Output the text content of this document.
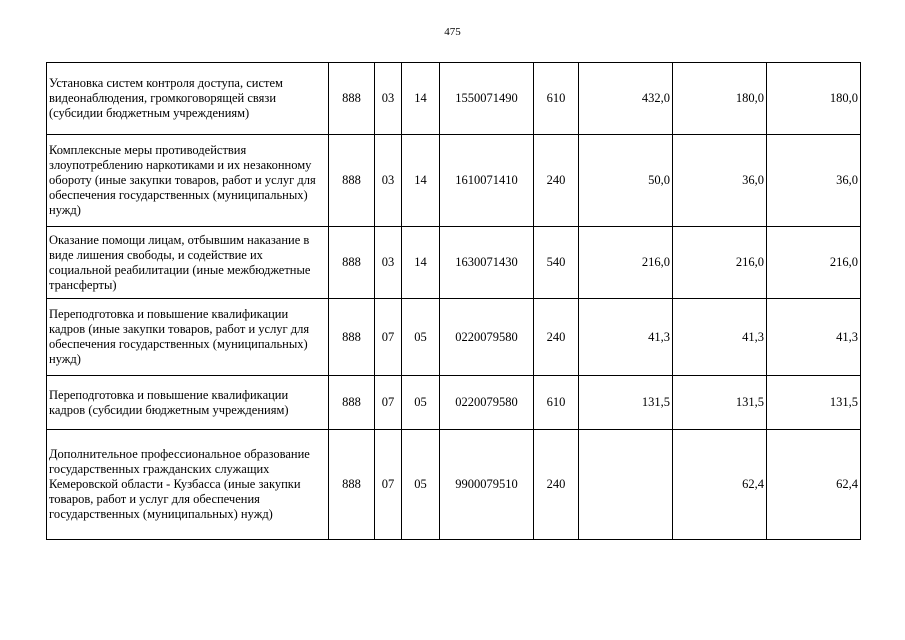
475
Установка систем контроля доступа, систем видеонаблюдения, громкоговорящей связи (субсидии бюджетным учреждениям)	888	03	14	1550071490	610	432,0	180,0	180,0
Комплексные меры противодействия злоупотреблению наркотиками и их незаконному обороту (иные закупки товаров, работ и услуг для обеспечения государственных (муниципальных) нужд)	888	03	14	1610071410	240	50,0	36,0	36,0
Оказание помощи лицам, отбывшим наказание в виде лишения свободы, и содействие их социальной реабилитации (иные межбюджетные трансферты)	888	03	14	1630071430	540	216,0	216,0	216,0
Переподготовка и повышение квалификации кадров (иные закупки товаров, работ и услуг для обеспечения государственных (муниципальных) нужд)	888	07	05	0220079580	240	41,3	41,3	41,3
Переподготовка и повышение квалификации кадров (субсидии бюджетным учреждениям)	888	07	05	0220079580	610	131,5	131,5	131,5
Дополнительное профессиональное образование государственных гражданских служащих Кемеровской области - Кузбасса (иные закупки товаров, работ и услуг для обеспечения государственных (муниципальных) нужд)	888	07	05	9900079510	240		62,4	62,4
